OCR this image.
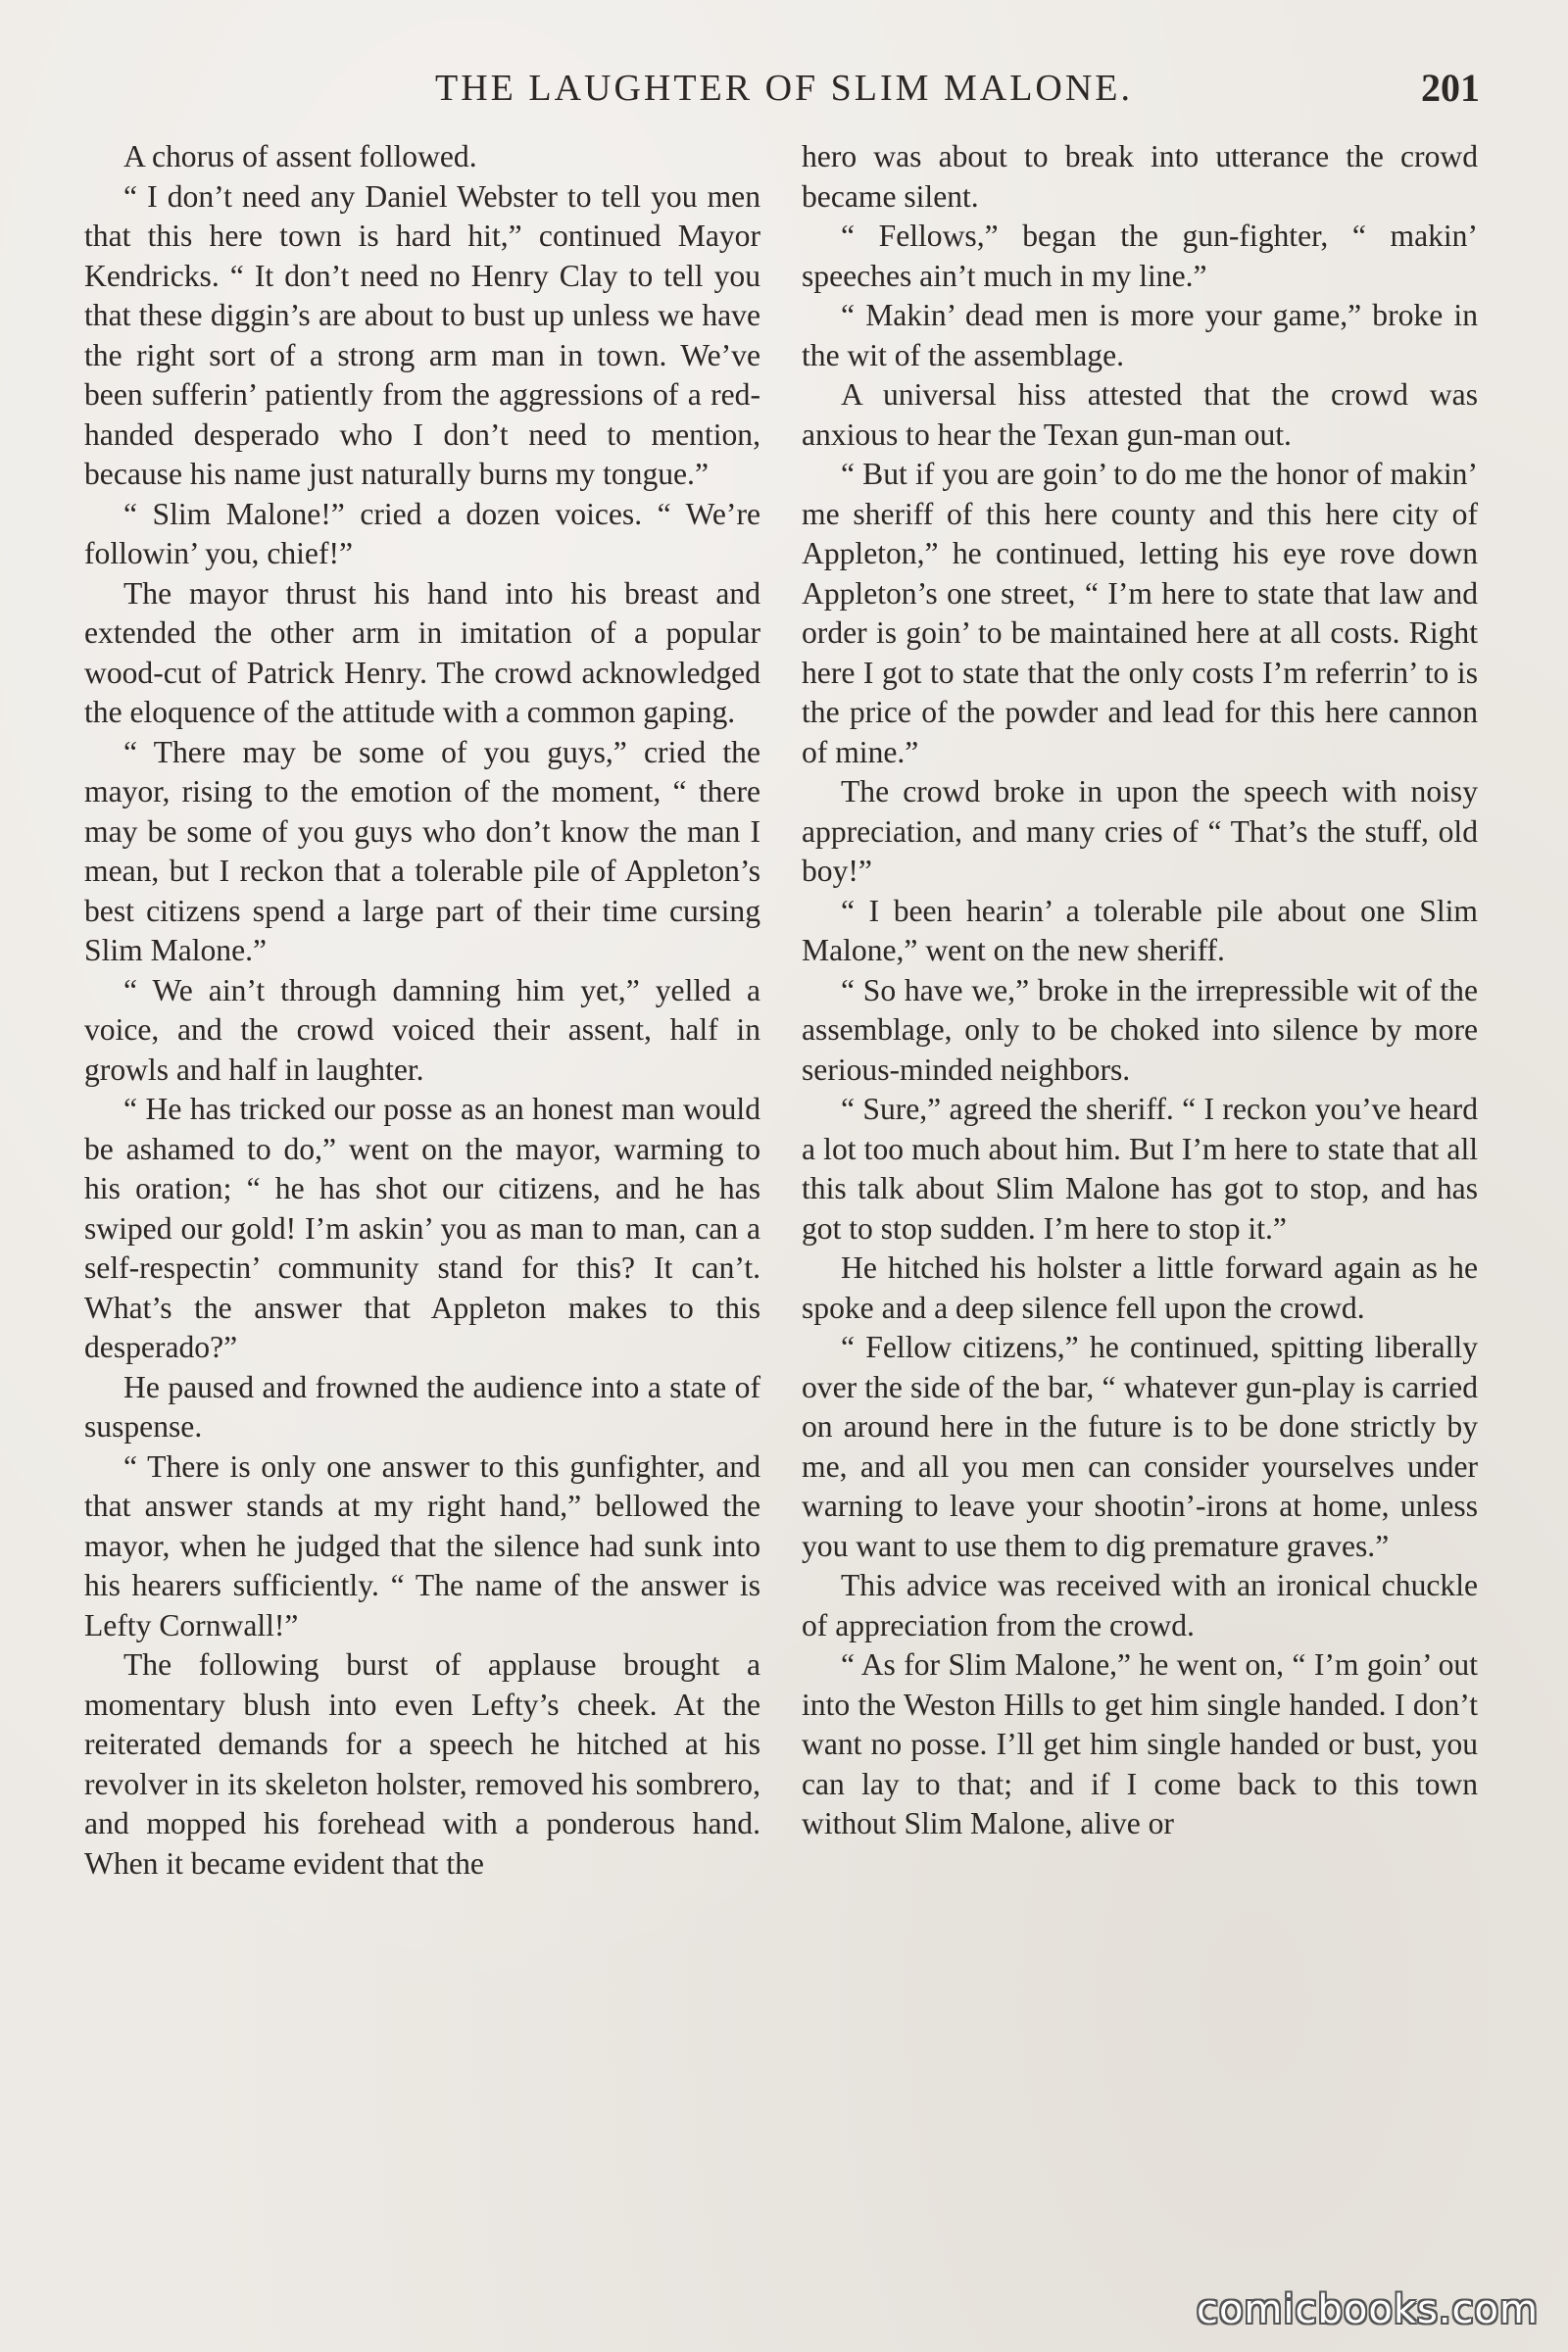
THE LAUGHTER OF SLIM MALONE.	201

A chorus of assent followed.

“ I don’t need any Daniel Webster to tell you men that this here town is hard hit,” continued Mayor Kendricks. “ It don’t need no Henry Clay to tell you that these diggin’s are about to bust up unless we have the right sort of a strong arm man in town. We’ve been sufferin’ patiently from the aggressions of a red-handed desperado who I don’t need to mention, because his name just naturally burns my tongue.”

“ Slim Malone!” cried a dozen voices. “ We’re followin’ you, chief!”

The mayor thrust his hand into his breast and extended the other arm in imitation of a popular wood-cut of Patrick Henry. The crowd acknowledged the eloquence of the attitude with a common gaping.

“ There may be some of you guys,” cried the mayor, rising to the emotion of the moment, “ there may be some of you guys who don’t know the man I mean, but I reckon that a tolerable pile of Appleton’s best citizens spend a large part of their time cursing Slim Malone.”

“ We ain’t through damning him yet,” yelled a voice, and the crowd voiced their assent, half in growls and half in laughter.

“ He has tricked our posse as an honest man would be ashamed to do,” went on the mayor, warming to his oration; “ he has shot our citizens, and he has swiped our gold! I’m askin’ you as man to man, can a self-respectin’ community stand for this? It can’t. What’s the answer that Appleton makes to this desperado?”

He paused and frowned the audience into a state of suspense.

“ There is only one answer to this gunfighter, and that answer stands at my right hand,” bellowed the mayor, when he judged that the silence had sunk into his hearers sufficiently. “ The name of the answer is Lefty Cornwall!”

The following burst of applause brought a momentary blush into even Lefty’s cheek. At the reiterated demands for a speech he hitched at his revolver in its skeleton holster, removed his sombrero, and mopped his forehead with a ponderous hand. When it became evident that the

hero was about to break into utterance the crowd became silent.

“ Fellows,” began the gun-fighter, “ makin’ speeches ain’t much in my line.”

“ Makin’ dead men is more your game,” broke in the wit of the assemblage.

A universal hiss attested that the crowd was anxious to hear the Texan gun-man out.

“ But if you are goin’ to do me the honor of makin’ me sheriff of this here county and this here city of Appleton,” he continued, letting his eye rove down Appleton’s one street, “ I’m here to state that law and order is goin’ to be maintained here at all costs. Right here I got to state that the only costs I’m referrin’ to is the price of the powder and lead for this here cannon of mine.”

The crowd broke in upon the speech with noisy appreciation, and many cries of “ That’s the stuff, old boy!”

“ I been hearin’ a tolerable pile about one Slim Malone,” went on the new sheriff.

“ So have we,” broke in the irrepressible wit of the assemblage, only to be choked into silence by more serious-minded neighbors.

“ Sure,” agreed the sheriff. “ I reckon you’ve heard a lot too much about him. But I’m here to state that all this talk about Slim Malone has got to stop, and has got to stop sudden. I’m here to stop it.”

He hitched his holster a little forward again as he spoke and a deep silence fell upon the crowd.

“ Fellow citizens,” he continued, spitting liberally over the side of the bar, “ whatever gun-play is carried on around here in the future is to be done strictly by me, and all you men can consider yourselves under warning to leave your shootin’-irons at home, unless you want to use them to dig premature graves.”

This advice was received with an ironical chuckle of appreciation from the crowd.

“ As for Slim Malone,” he went on, “ I’m goin’ out into the Weston Hills to get him single handed. I don’t want no posse. I’ll get him single handed or bust, you can lay to that; and if I come back to this town without Slim Malone, alive or

comicbooks.com
